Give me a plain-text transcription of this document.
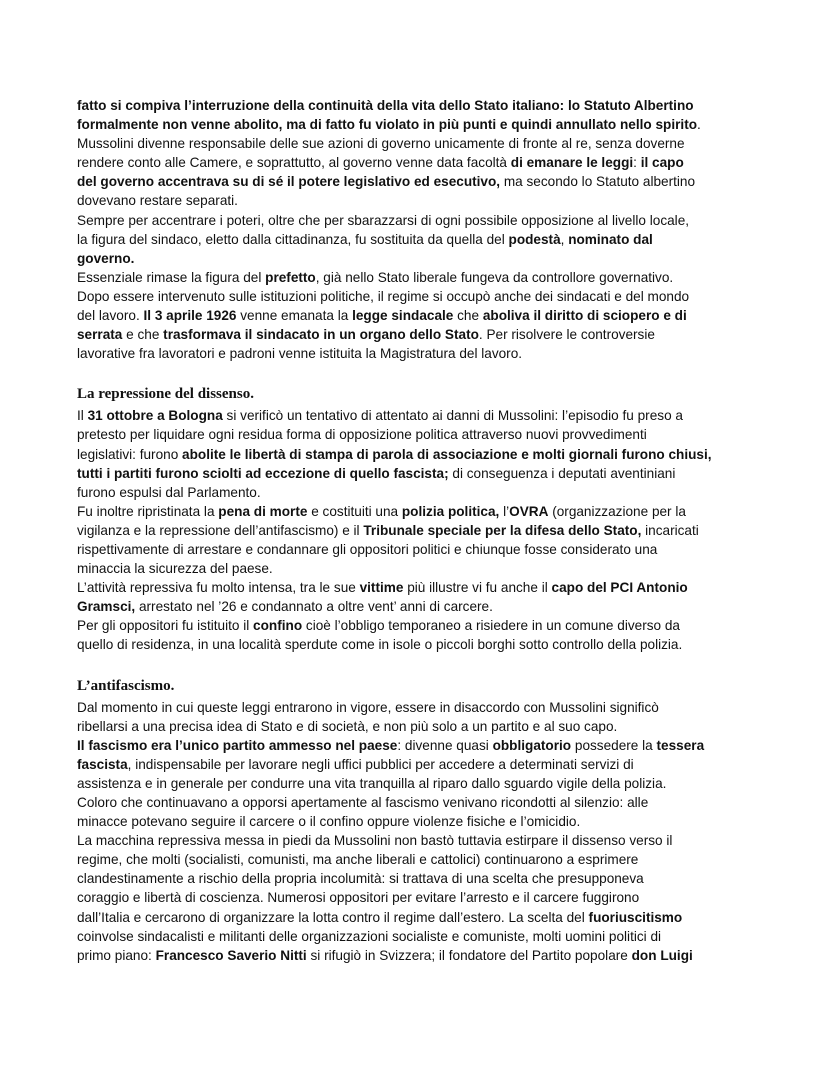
fatto si compiva l’interruzione della continuità della vita dello Stato italiano: lo Statuto Albertino

formalmente non venne abolito, ma di fatto fu violato in più punti e quindi annullato nello spirito.

Mussolini divenne responsabile delle sue azioni di governo unicamente di fronte al re, senza doverne

rendere conto alle Camere, e soprattutto, al governo venne data facoltà di emanare le leggi: il capo

del governo accentrava su di sé il potere legislativo ed esecutivo, ma secondo lo Statuto albertino

dovevano restare separati.

Sempre per accentrare i poteri, oltre che per sbarazzarsi di ogni possibile opposizione al livello locale,

la figura del sindaco, eletto dalla cittadinanza, fu sostituita da quella del podestà, nominato dal

governo.

Essenziale rimase la figura del prefetto, già nello Stato liberale fungeva da controllore governativo.

Dopo essere intervenuto sulle istituzioni politiche, il regime si occupò anche dei sindacati e del mondo

del lavoro. Il 3 aprile 1926 venne emanata la legge sindacale che aboliva il diritto di sciopero e di

serrata e che trasformava il sindacato in un organo dello Stato. Per risolvere le controversie

lavorative fra lavoratori e padroni venne istituita la Magistratura del lavoro.

La repressione del dissenso.

Il 31 ottobre a Bologna si verificò un tentativo di attentato ai danni di Mussolini: l’episodio fu preso a

pretesto per liquidare ogni residua forma di opposizione politica attraverso nuovi provvedimenti

legislativi: furono abolite le libertà di stampa di parola di associazione e molti giornali furono chiusi,

tutti i partiti furono sciolti ad eccezione di quello fascista; di conseguenza i deputati aventiniani

furono espulsi dal Parlamento.

Fu inoltre ripristinata la pena di morte e costituiti una polizia politica, l’OVRA (organizzazione per la

vigilanza e la repressione dell’antifascismo) e il Tribunale speciale per la difesa dello Stato, incaricati

rispettivamente di arrestare e condannare gli oppositori politici e chiunque fosse considerato una

minaccia la sicurezza del paese.

L’attività repressiva fu molto intensa, tra le sue vittime più illustre vi fu anche il capo del PCI Antonio

Gramsci, arrestato nel ’26 e condannato a oltre vent’ anni di carcere.

Per gli oppositori fu istituito il confino cioè l’obbligo temporaneo a risiedere in un comune diverso da

quello di residenza, in una località sperdute come in isole o piccoli borghi sotto controllo della polizia.

L’antifascismo.

Dal momento in cui queste leggi entrarono in vigore, essere in disaccordo con Mussolini significò

ribellarsi a una precisa idea di Stato e di società, e non più solo a un partito e al suo capo.

Il fascismo era l’unico partito ammesso nel paese: divenne quasi obbligatorio possedere la tessera

fascista, indispensabile per lavorare negli uffici pubblici per accedere a determinati servizi di

assistenza e in generale per condurre una vita tranquilla al riparo dallo sguardo vigile della polizia.

Coloro che continuavano a opporsi apertamente al fascismo venivano ricondotti al silenzio: alle

minacce potevano seguire il carcere o il confino oppure violenze fisiche e l’omicidio.

La macchina repressiva messa in piedi da Mussolini non bastò tuttavia estirpare il dissenso verso il

regime, che molti (socialisti, comunisti, ma anche liberali e cattolici) continuarono a esprimere

clandestinamente a rischio della propria incolumità: si trattava di una scelta che presupponeva

coraggio e libertà di coscienza. Numerosi oppositori per evitare l’arresto e il carcere fuggirono

dall’Italia e cercarono di organizzare la lotta contro il regime dall’estero. La scelta del fuoriuscitismo

coinvolse sindacalisti e militanti delle organizzazioni socialiste e comuniste, molti uomini politici di

primo piano: Francesco Saverio Nitti si rifugiò in Svizzera; il fondatore del Partito popolare don Luigi
